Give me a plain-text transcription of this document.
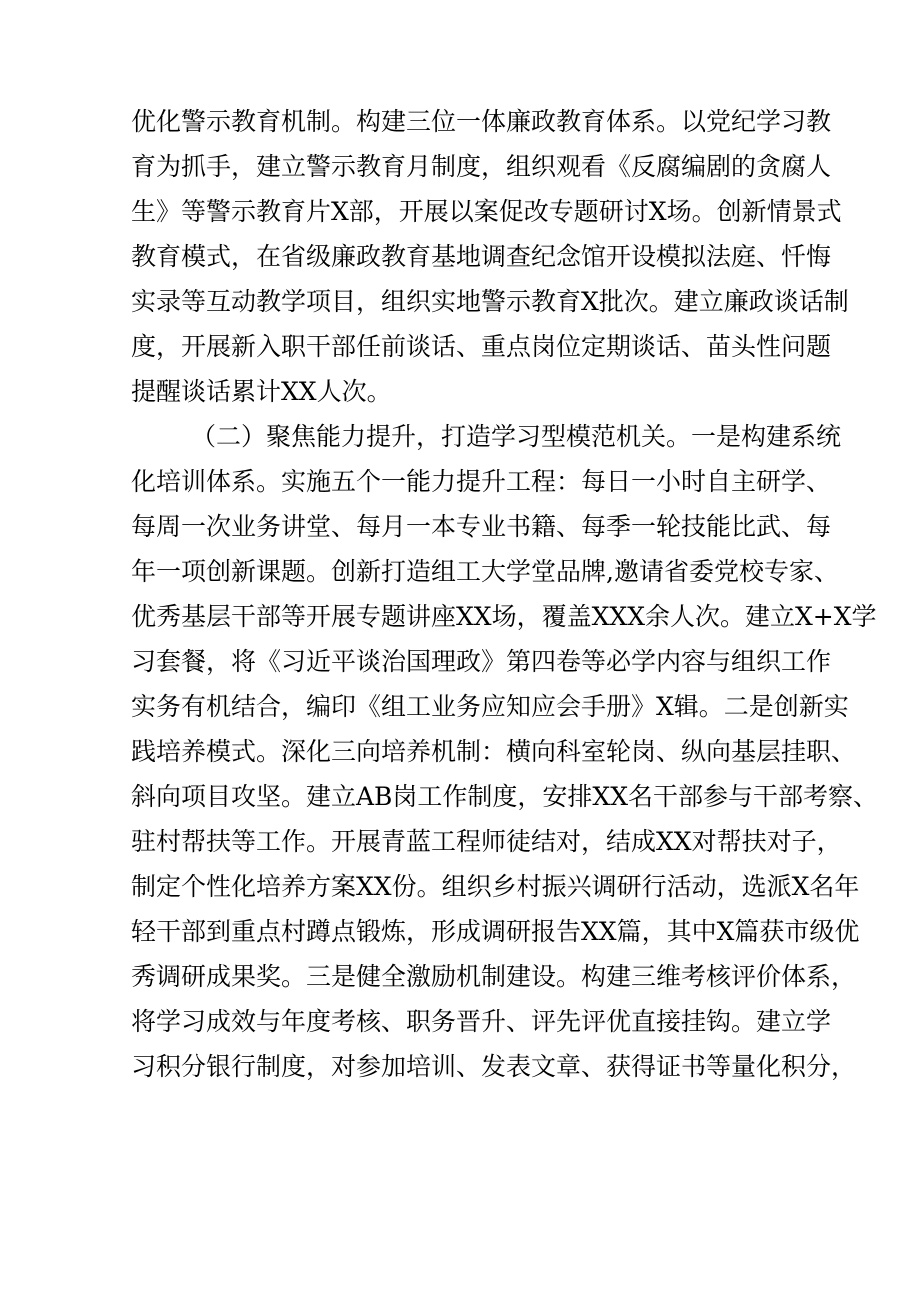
优化警示教育机制。构建三位一体廉政教育体系。以党纪学习教
育为抓手，建立警示教育月制度，组织观看《反腐编剧的贪腐人
生》等警示教育片X部，开展以案促改专题研讨X场。创新情景式
教育模式，在省级廉政教育基地调查纪念馆开设模拟法庭、忏悔
实录等互动教学项目，组织实地警示教育X批次。建立廉政谈话制
度，开展新入职干部任前谈话、重点岗位定期谈话、苗头性问题
提醒谈话累计XX人次。
（二）聚焦能力提升，打造学习型模范机关。一是构建系统
化培训体系。实施五个一能力提升工程：每日一小时自主研学、
每周一次业务讲堂、每月一本专业书籍、每季一轮技能比武、每
年一项创新课题。创新打造组工大学堂品牌,邀请省委党校专家、
优秀基层干部等开展专题讲座XX场，覆盖XXX余人次。建立X+X学
习套餐，将《习近平谈治国理政》第四卷等必学内容与组织工作
实务有机结合，编印《组工业务应知应会手册》X辑。二是创新实
践培养模式。深化三向培养机制：横向科室轮岗、纵向基层挂职、
斜向项目攻坚。建立AB岗工作制度，安排XX名干部参与干部考察、
驻村帮扶等工作。开展青蓝工程师徒结对，结成XX对帮扶对子，
制定个性化培养方案XX份。组织乡村振兴调研行活动，选派X名年
轻干部到重点村蹲点锻炼，形成调研报告XX篇，其中X篇获市级优
秀调研成果奖。三是健全激励机制建设。构建三维考核评价体系，
将学习成效与年度考核、职务晋升、评先评优直接挂钩。建立学
习积分银行制度，对参加培训、发表文章、获得证书等量化积分，
